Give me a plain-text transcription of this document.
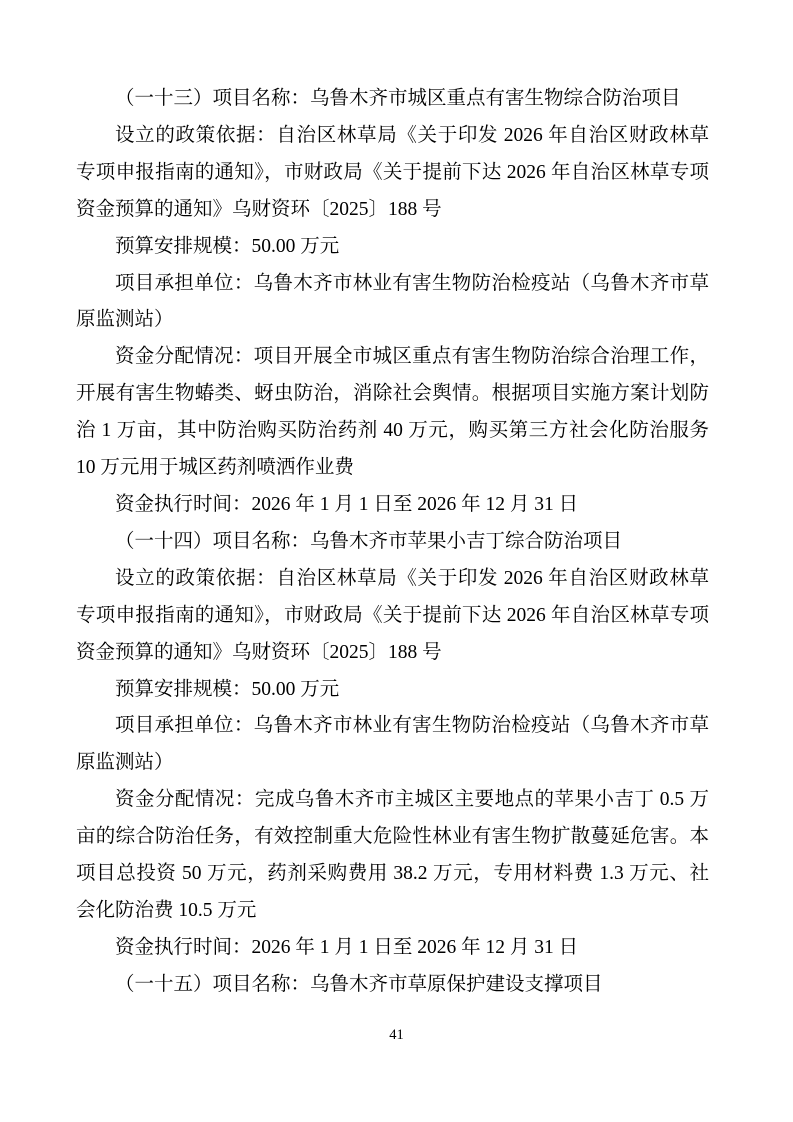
（一十三）项目名称：乌鲁木齐市城区重点有害生物综合防治项目

设立的政策依据：自治区林草局《关于印发 2026 年自治区财政林草专项申报指南的通知》，市财政局《关于提前下达 2026 年自治区林草专项资金预算的通知》乌财资环〔2025〕188 号

预算安排规模：50.00 万元

项目承担单位：乌鲁木齐市林业有害生物防治检疫站（乌鲁木齐市草原监测站）

资金分配情况：项目开展全市城区重点有害生物防治综合治理工作，开展有害生物蝽类、蚜虫防治，消除社会舆情。根据项目实施方案计划防治 1 万亩，其中防治购买防治药剂 40 万元，购买第三方社会化防治服务 10 万元用于城区药剂喷洒作业费

资金执行时间：2026 年 1 月 1 日至 2026 年 12 月 31 日

（一十四）项目名称：乌鲁木齐市苹果小吉丁综合防治项目

设立的政策依据：自治区林草局《关于印发 2026 年自治区财政林草专项申报指南的通知》，市财政局《关于提前下达 2026 年自治区林草专项资金预算的通知》乌财资环〔2025〕188 号

预算安排规模：50.00 万元

项目承担单位：乌鲁木齐市林业有害生物防治检疫站（乌鲁木齐市草原监测站）

资金分配情况：完成乌鲁木齐市主城区主要地点的苹果小吉丁 0.5 万亩的综合防治任务，有效控制重大危险性林业有害生物扩散蔓延危害。本项目总投资 50 万元，药剂采购费用 38.2 万元，专用材料费 1.3 万元、社会化防治费 10.5 万元

资金执行时间：2026 年 1 月 1 日至 2026 年 12 月 31 日

（一十五）项目名称：乌鲁木齐市草原保护建设支撑项目

41
